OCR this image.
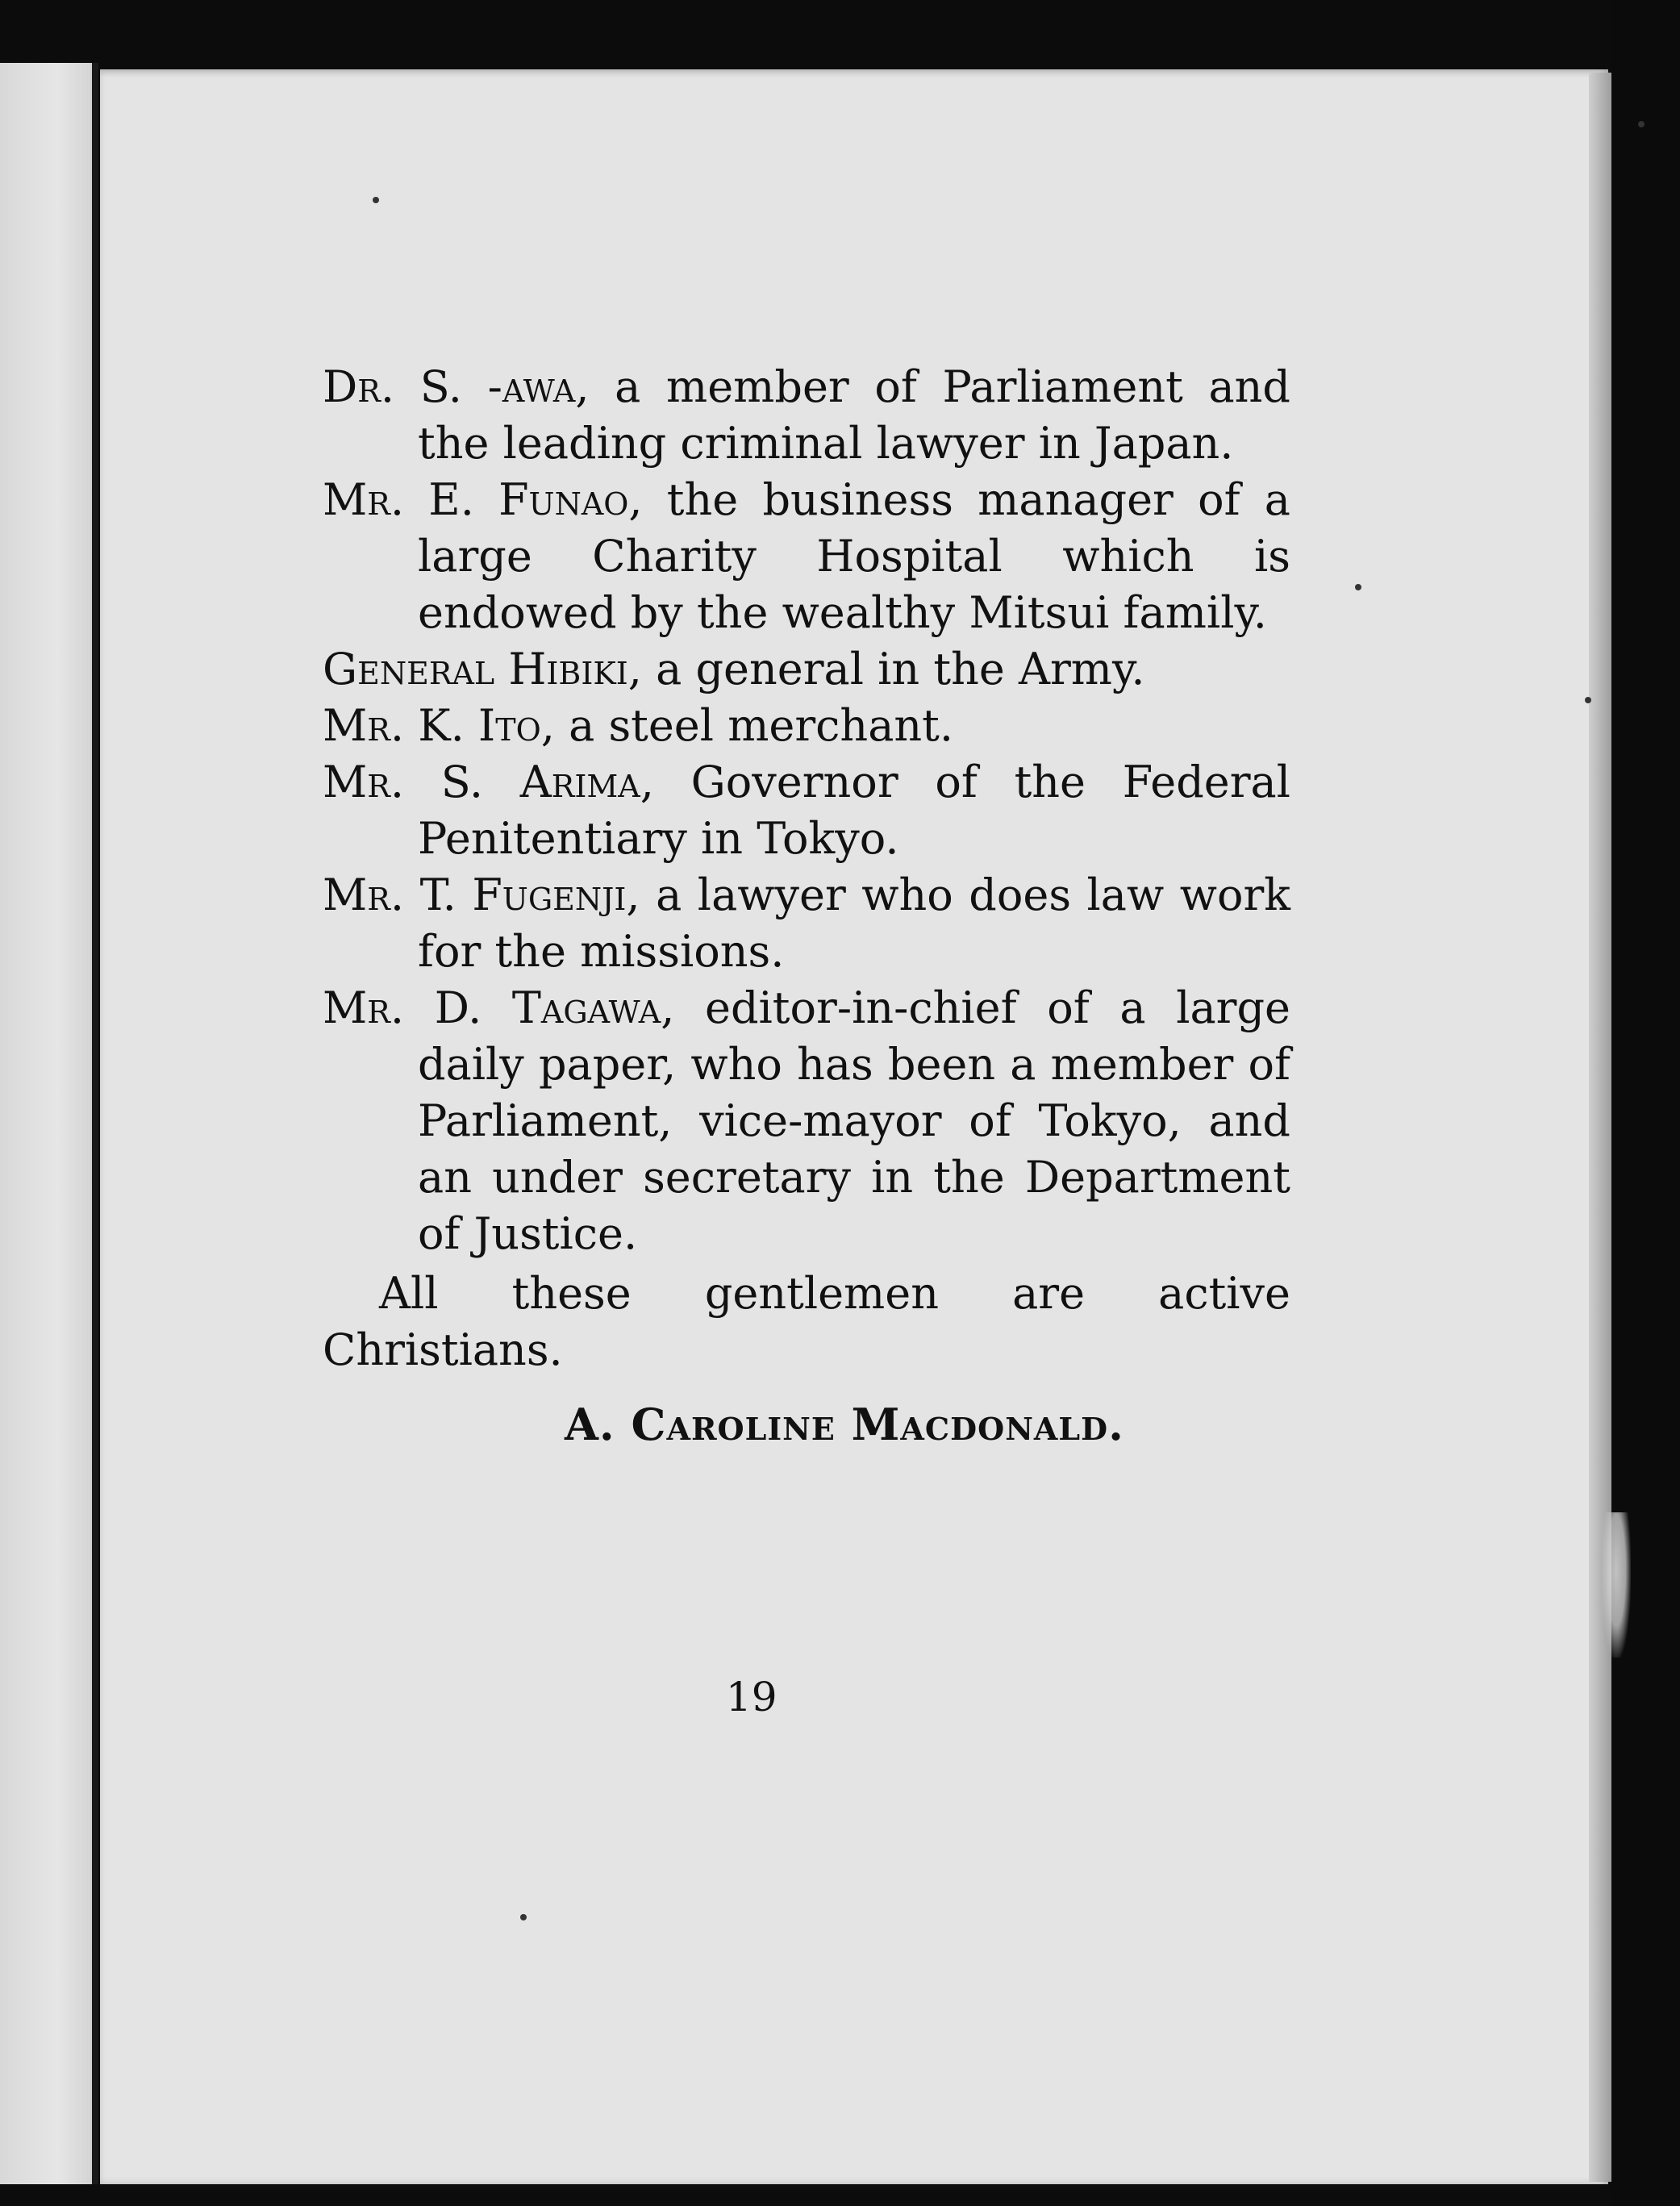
Dr. S. -awa, a member of Parliament and the leading criminal lawyer in Japan.

Mr. E. Funao, the business manager of a large Charity Hospital which is endowed by the wealthy Mitsui family.

General Hibiki, a general in the Army.

Mr. K. Ito, a steel merchant.

Mr. S. Arima, Governor of the Federal Penitentiary in Tokyo.

Mr. T. Fugenji, a lawyer who does law work for the missions.

Mr. D. Tagawa, editor-in-chief of a large daily paper, who has been a member of Parliament, vice-mayor of Tokyo, and an under secretary in the Department of Justice.

All these gentlemen are active Christians.

A. Caroline Macdonald.
19
